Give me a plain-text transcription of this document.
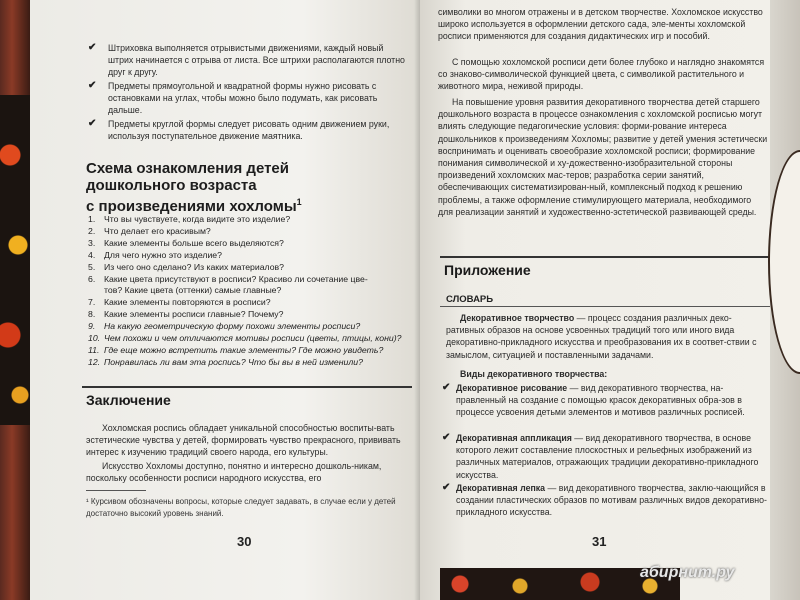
✔ Штриховка выполняется отрывистыми движениями, каждый новый штрих начинается с отрыва от листа. Все штрихи располагаются плотно друг к другу.
✔ Предметы прямоугольной и квадратной формы нужно рисовать с остановками на углах, чтобы можно было подумать, как рисовать дальше.
✔ Предметы круглой формы следует рисовать одним движением руки, используя поступательное движение маятника.
Схема ознакомления детей
дошкольного возраста
с произведениями хохломы$^1$
1. Что вы чувствуете, когда видите это изделие?
2. Что делает его красивым?
3. Какие элементы больше всего выделяются?
4. Для чего нужно это изделие?
5. Из чего оно сделано? Из каких материалов?
6. Какие цвета присутствуют в росписи? Красиво ли сочетание цве-
тов? Какие цвета (оттенки) самые главные?
7. Какие элементы повторяются в росписи?
8. Какие элементы росписи главные? Почему?
9. На какую геометрическую форму похожи элементы росписи?
10. Чем похожи и чем отличаются мотивы росписи (цветы, птицы, кони)?
11. Где еще можно встретить такие элементы? Где можно увидеть?
12. Понравилась ли вам эта роспись? Что бы вы в ней изменили?
Заключение
Хохломская роспись обладает уникальной способностью воспиты-вать эстетические чувства у детей, формировать чувство прекрасного, прививать интерес к изучению традиций своего народа, его культуры.
Искусство Хохломы доступно, понятно и интересно дошколь-никам, поскольку особенности росписи народного искусства, его
¹ Курсивом обозначены вопросы, которые следует задавать, в случае если у детей достаточно высокий уровень знаний.
30
символики во многом отражены и в детском творчестве. Хохломское искусство широко используется в оформлении детского сада, эле-менты хохломской росписи применяются для создания дидактических игр и пособий.
С помощью хохломской росписи дети более глубоко и наглядно знакомятся со знаково-символической функцией цвета, с символикой растительного и животного мира, неживой природы.
На повышение уровня развития декоративного творчества детей старшего дошкольного возраста в процессе ознакомления с хохломской росписью могут влиять следующие педагогические условия: форми-рование интереса дошкольников к произведениям Хохломы; развитие у детей умения эстетически воспринимать и оценивать своеобразие хохломской росписи; формирование понимания символической и ху-дожественно-изобразительной стороны произведений хохломских мас-теров; разработка серии занятий, обеспечивающих систематизирован-ный, комплексный подход к решению проблемы, а также оформление стимулирующего материала, необходимого для реализации занятий и художественно-эстетической развивающей среды.
Приложение
СЛОВАРЬ
Декоративное творчество — процесс создания различных деко-ративных образов на основе усвоенных традиций того или иного вида декоративно-прикладного искусства и преобразования их в соответ-ствии с замыслом, ситуацией и поставленными задачами.
Виды декоративного творчества:
✔ Декоративное рисование — вид декоративного творчества, на-правленный на создание с помощью красок декоративных обра-зов в процессе усвоения детьми элементов и мотивов различных росписей.
✔ Декоративная аппликация — вид декоративного творчества, в основе которого лежит составление плоскостных и рельефных изображений из различных материалов, отражающих традиции декоративно-прикладного искусства.
✔ Декоративная лепка — вид декоративного творчества, заклю-чающийся в создании пластических образов по мотивам различных видов декоративно-прикладного искусства.
31
абирнит.ру
